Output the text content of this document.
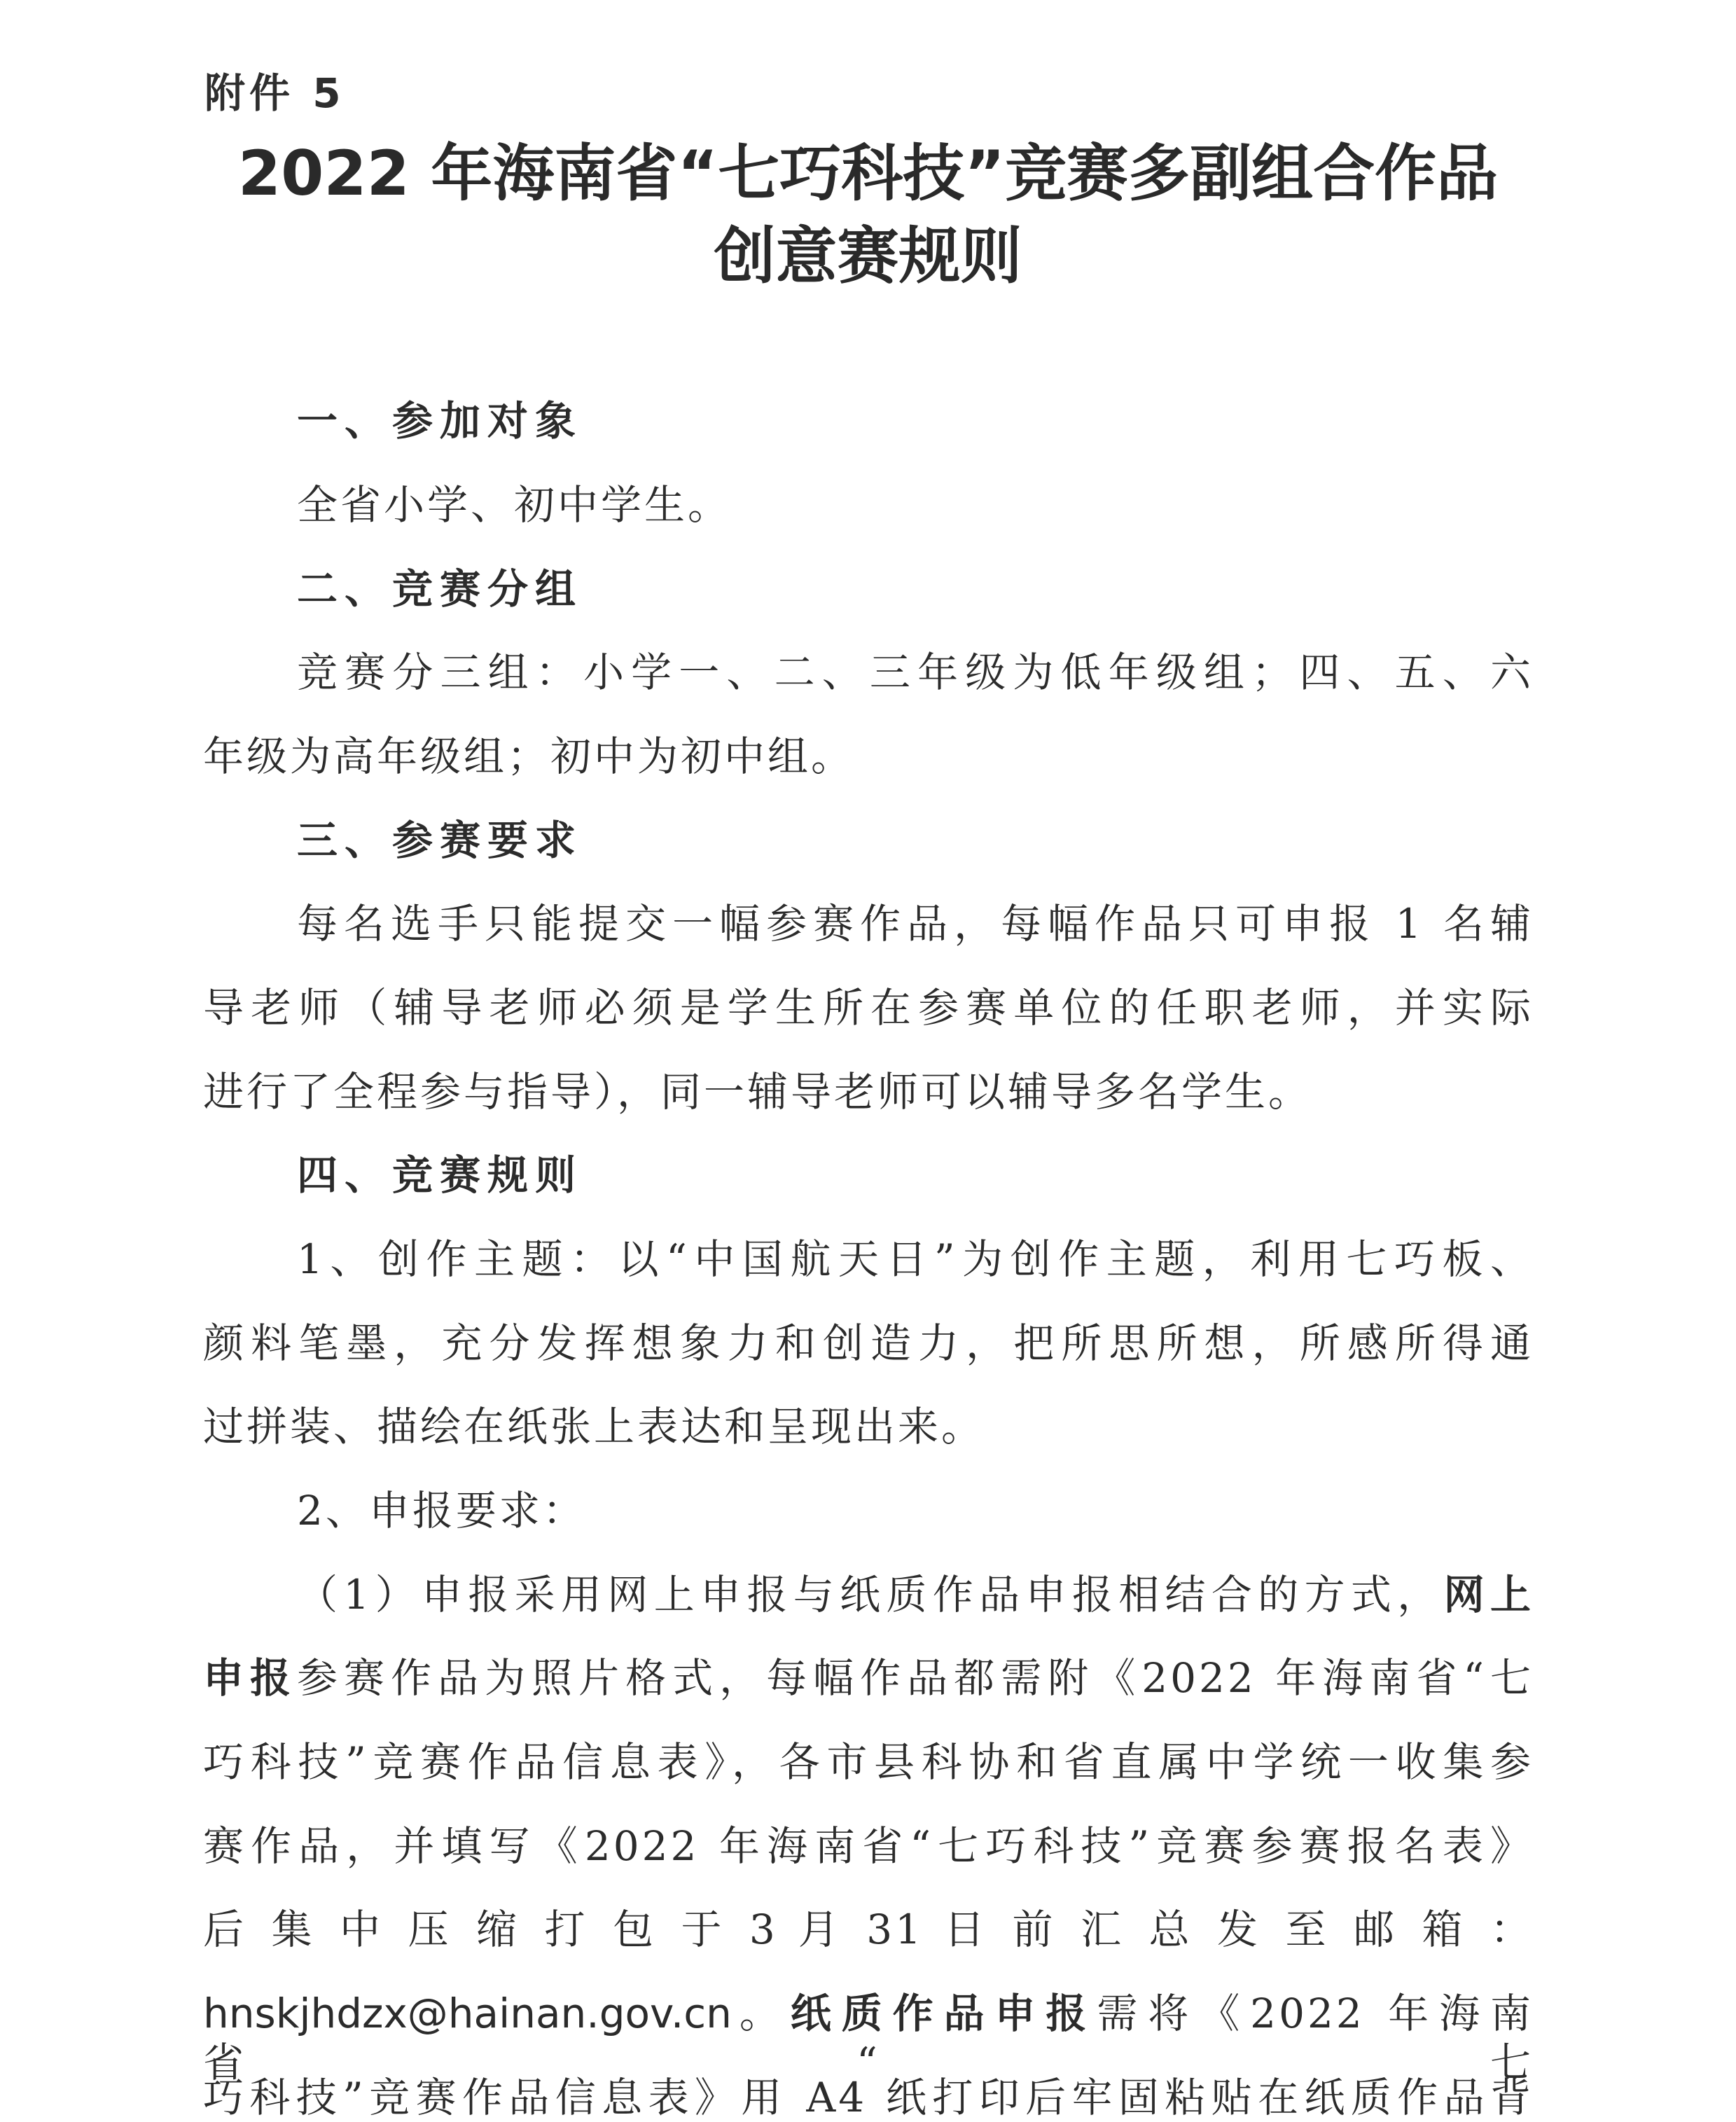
附件 5
2022 年海南省“七巧科技”竞赛多副组合作品
创意赛规则
一、参加对象
全省小学、初中学生。
二、竞赛分组
竞赛分三组：小学一、二、三年级为低年级组；四、五、六
年级为高年级组；初中为初中组。
三、参赛要求
每名选手只能提交一幅参赛作品，每幅作品只可申报 1 名辅
导老师（辅导老师必须是学生所在参赛单位的任职老师，并实际
进行了全程参与指导），同一辅导老师可以辅导多名学生。
四、竞赛规则
1、创作主题：以“中国航天日”为创作主题，利用七巧板、
颜料笔墨，充分发挥想象力和创造力，把所思所想，所感所得通
过拼装、描绘在纸张上表达和呈现出来。
2、申报要求：
（1）申报采用网上申报与纸质作品申报相结合的方式，网上
申报参赛作品为照片格式，每幅作品都需附《2022 年海南省“七
巧科技”竞赛作品信息表》，各市县科协和省直属中学统一收集参
赛作品，并填写《2022 年海南省“七巧科技”竞赛参赛报名表》
后 集 中 压 缩 打 包 于 3 月 31 日 前 汇 总 发 至 邮 箱 ：
hnskjhdzx@hainan.gov.cn。纸质作品申报需将《2022 年海南省“七
巧科技”竞赛作品信息表》用 A4 纸打印后牢固粘贴在纸质作品背
